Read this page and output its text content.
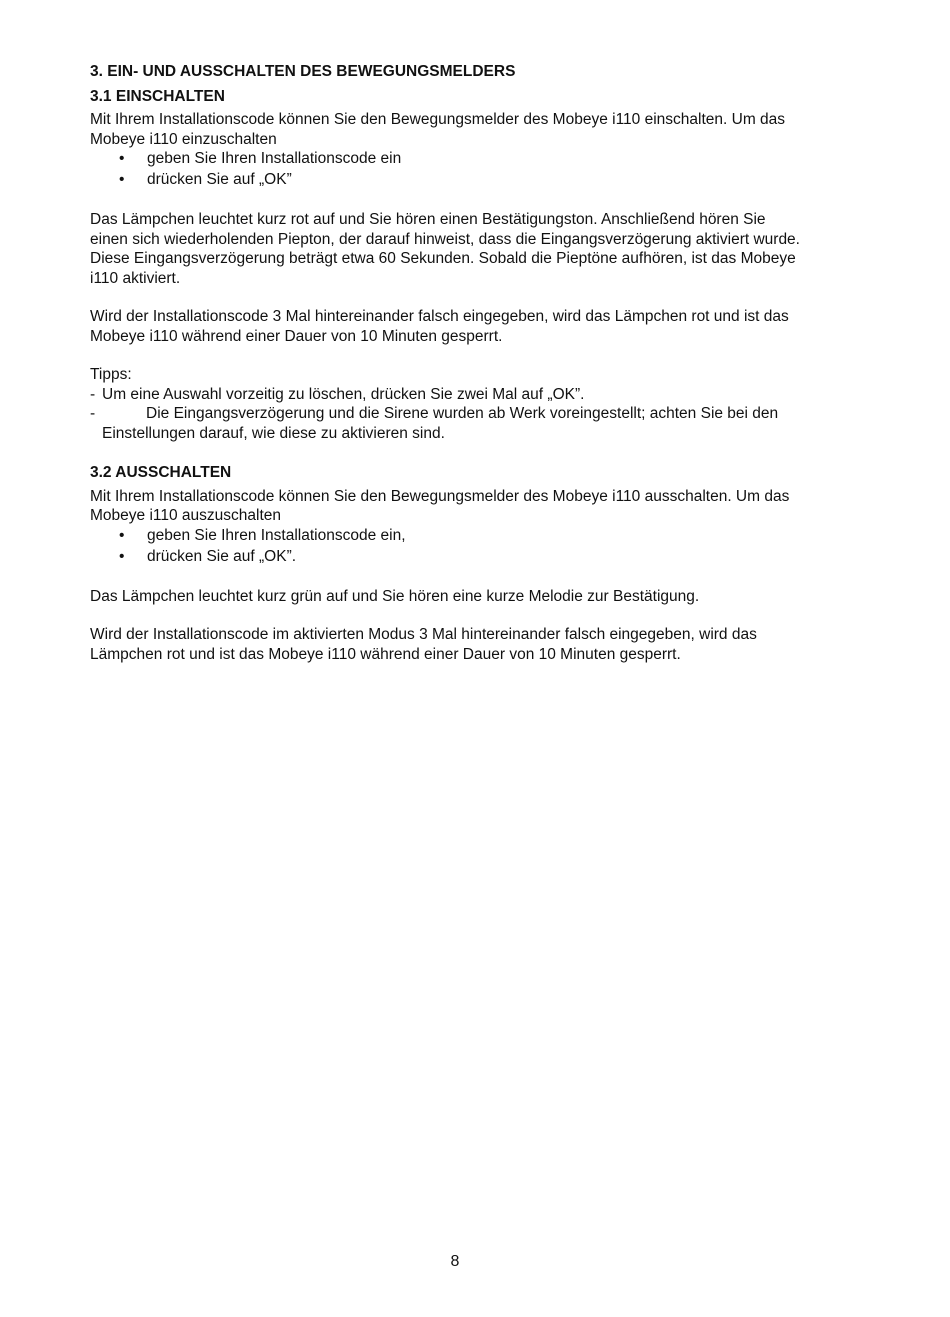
3. EIN- UND AUSSCHALTEN DES BEWEGUNGSMELDERS
3.1 EINSCHALTEN

Mit Ihrem Installationscode können Sie den Bewegungsmelder des Mobeye i110 einschalten. Um das
Mobeye i110 einzuschalten

• geben Sie Ihren Installationscode ein
• drücken Sie auf „OK”

Das Lämpchen leuchtet kurz rot auf und Sie hören einen Bestätigungston. Anschließend hören Sie
einen sich wiederholenden Piepton, der darauf hinweist, dass die Eingangsverzögerung aktiviert wurde.
Diese Eingangsverzögerung beträgt etwa 60 Sekunden. Sobald die Pieptöne aufhören, ist das Mobeye
i110 aktiviert.

Wird der Installationscode 3 Mal hintereinander falsch eingegeben, wird das Lämpchen rot und ist das
Mobeye i110 während einer Dauer von 10 Minuten gesperrt.

Tipps:
- Um eine Auswahl vorzeitig zu löschen, drücken Sie zwei Mal auf „OK”.
-	Die Eingangsverzögerung und die Sirene wurden ab Werk voreingestellt; achten Sie bei den
Einstellungen darauf, wie diese zu aktivieren sind.
3.2 AUSSCHALTEN

Mit Ihrem Installationscode können Sie den Bewegungsmelder des Mobeye i110 ausschalten. Um das
Mobeye i110 auszuschalten

• geben Sie Ihren Installationscode ein,
• drücken Sie auf „OK”.

Das Lämpchen leuchtet kurz grün auf und Sie hören eine kurze Melodie zur Bestätigung.

Wird der Installationscode im aktivierten Modus 3 Mal hintereinander falsch eingegeben, wird das
Lämpchen rot und ist das Mobeye i110 während einer Dauer von 10 Minuten gesperrt.

8
